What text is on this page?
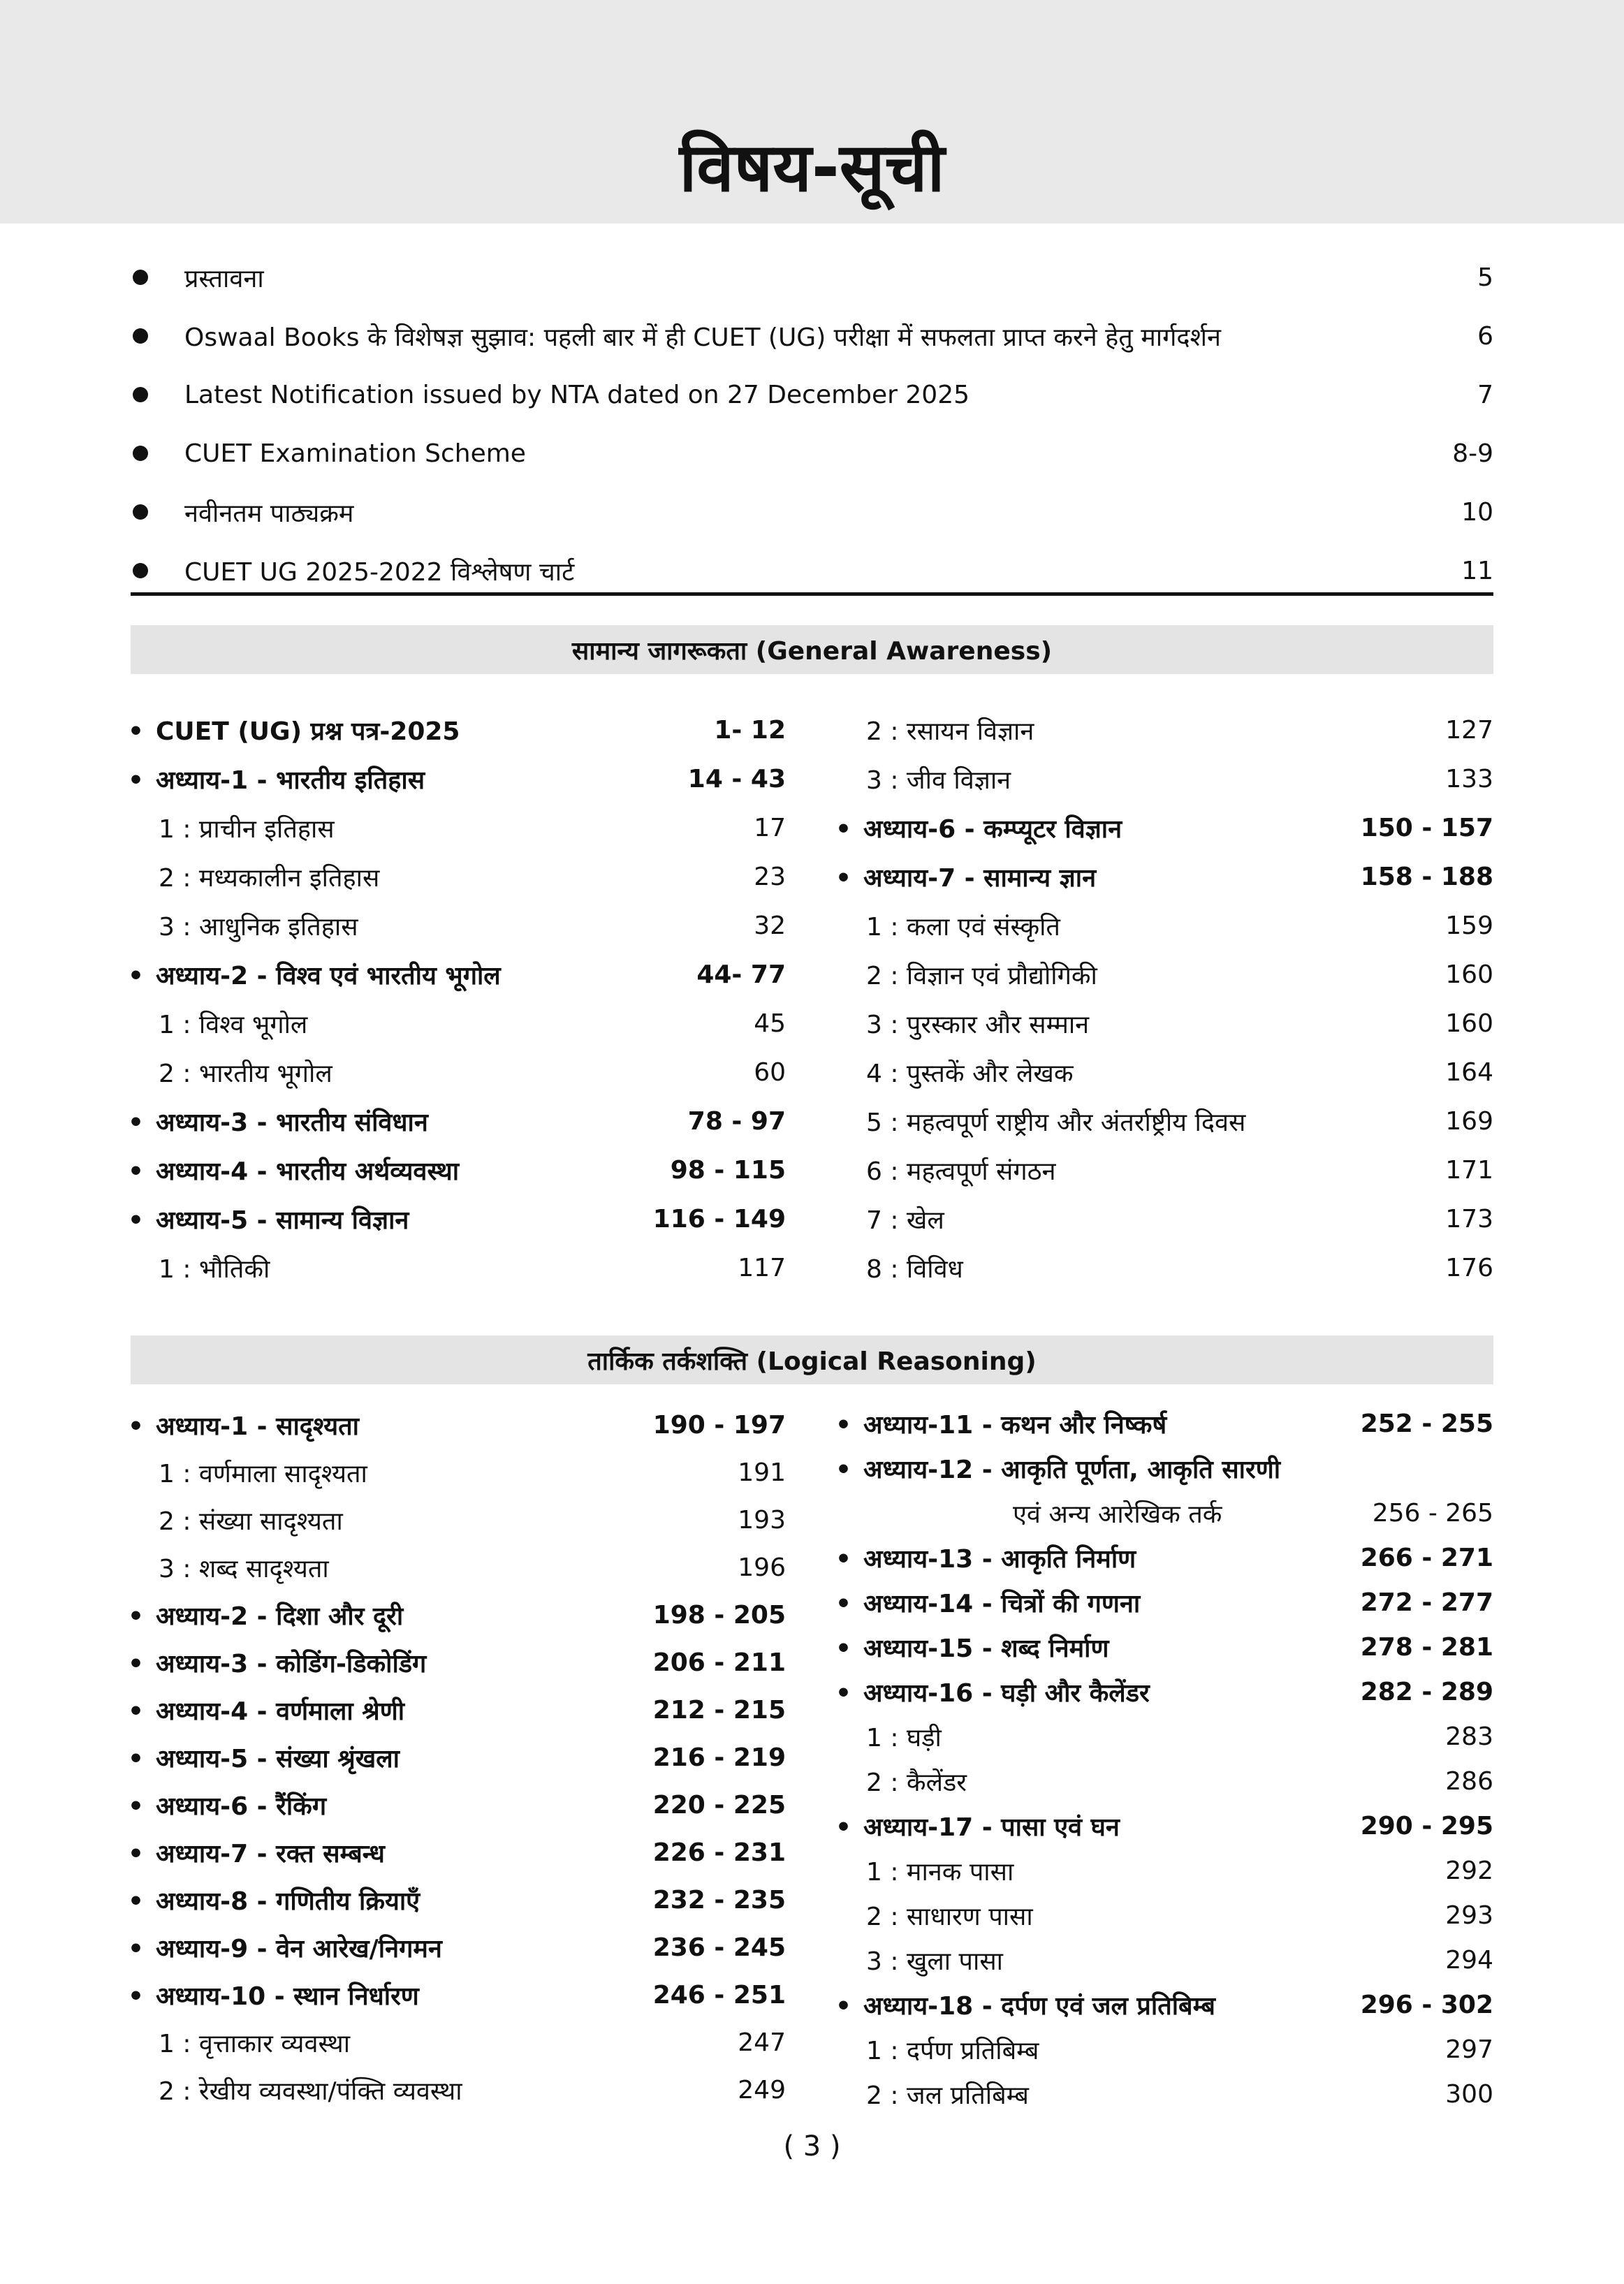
विषय-सूची
प्रस्तावना	5
Oswaal Books के विशेषज्ञ सुझाव: पहली बार में ही CUET (UG) परीक्षा में सफलता प्राप्त करने हेतु मार्गदर्शन	6
Latest Notification issued by NTA dated on 27 December 2025	7
CUET Examination Scheme	8-9
नवीनतम पाठ्यक्रम	10
CUET UG 2025-2022 विश्लेषण चार्ट	11
सामान्य जागरूकता (General Awareness)
• CUET (UG) प्रश्न पत्र-2025	1- 12
• अध्याय-1 - भारतीय इतिहास	14 - 43
1 : प्राचीन इतिहास	17
2 : मध्यकालीन इतिहास	23
3 : आधुनिक इतिहास	32
• अध्याय-2 - विश्व एवं भारतीय भूगोल	44- 77
1 : विश्व भूगोल	45
2 : भारतीय भूगोल	60
• अध्याय-3 - भारतीय संविधान	78 - 97
• अध्याय-4 - भारतीय अर्थव्यवस्था	98 - 115
• अध्याय-5 - सामान्य विज्ञान	116 - 149
1 : भौतिकी	117
2 : रसायन विज्ञान	127
3 : जीव विज्ञान	133
• अध्याय-6 - कम्प्यूटर विज्ञान	150 - 157
• अध्याय-7 - सामान्य ज्ञान	158 - 188
1 : कला एवं संस्कृति	159
2 : विज्ञान एवं प्रौद्योगिकी	160
3 : पुरस्कार और सम्मान	160
4 : पुस्तकें और लेखक	164
5 : महत्वपूर्ण राष्ट्रीय और अंतर्राष्ट्रीय दिवस	169
6 : महत्वपूर्ण संगठन	171
7 : खेल	173
8 : विविध	176
तार्किक तर्कशक्ति (Logical Reasoning)
• अध्याय-1 - सादृश्यता	190 - 197
1 : वर्णमाला सादृश्यता	191
2 : संख्या सादृश्यता	193
3 : शब्द सादृश्यता	196
• अध्याय-2 - दिशा और दूरी	198 - 205
• अध्याय-3 - कोडिंग-डिकोडिंग	206 - 211
• अध्याय-4 - वर्णमाला श्रेणी	212 - 215
• अध्याय-5 - संख्या श्रृंखला	216 - 219
• अध्याय-6 - रैंकिंग	220 - 225
• अध्याय-7 - रक्त सम्बन्ध	226 - 231
• अध्याय-8 - गणितीय क्रियाएँ	232 - 235
• अध्याय-9 - वेन आरेख/निगमन	236 - 245
• अध्याय-10 - स्थान निर्धारण	246 - 251
1 : वृत्ताकार व्यवस्था	247
2 : रेखीय व्यवस्था/पंक्ति व्यवस्था	249
• अध्याय-11 - कथन और निष्कर्ष	252 - 255
• अध्याय-12 - आकृति पूर्णता, आकृति सारणी
एवं अन्य आरेखिक तर्क	256 - 265
• अध्याय-13 - आकृति निर्माण	266 - 271
• अध्याय-14 - चित्रों की गणना	272 - 277
• अध्याय-15 - शब्द निर्माण	278 - 281
• अध्याय-16 - घड़ी और कैलेंडर	282 - 289
1 : घड़ी	283
2 : कैलेंडर	286
• अध्याय-17 - पासा एवं घन	290 - 295
1 : मानक पासा	292
2 : साधारण पासा	293
3 : खुला पासा	294
• अध्याय-18 - दर्पण एवं जल प्रतिबिम्ब	296 - 302
1 : दर्पण प्रतिबिम्ब	297
2 : जल प्रतिबिम्ब	300
( 3 )
